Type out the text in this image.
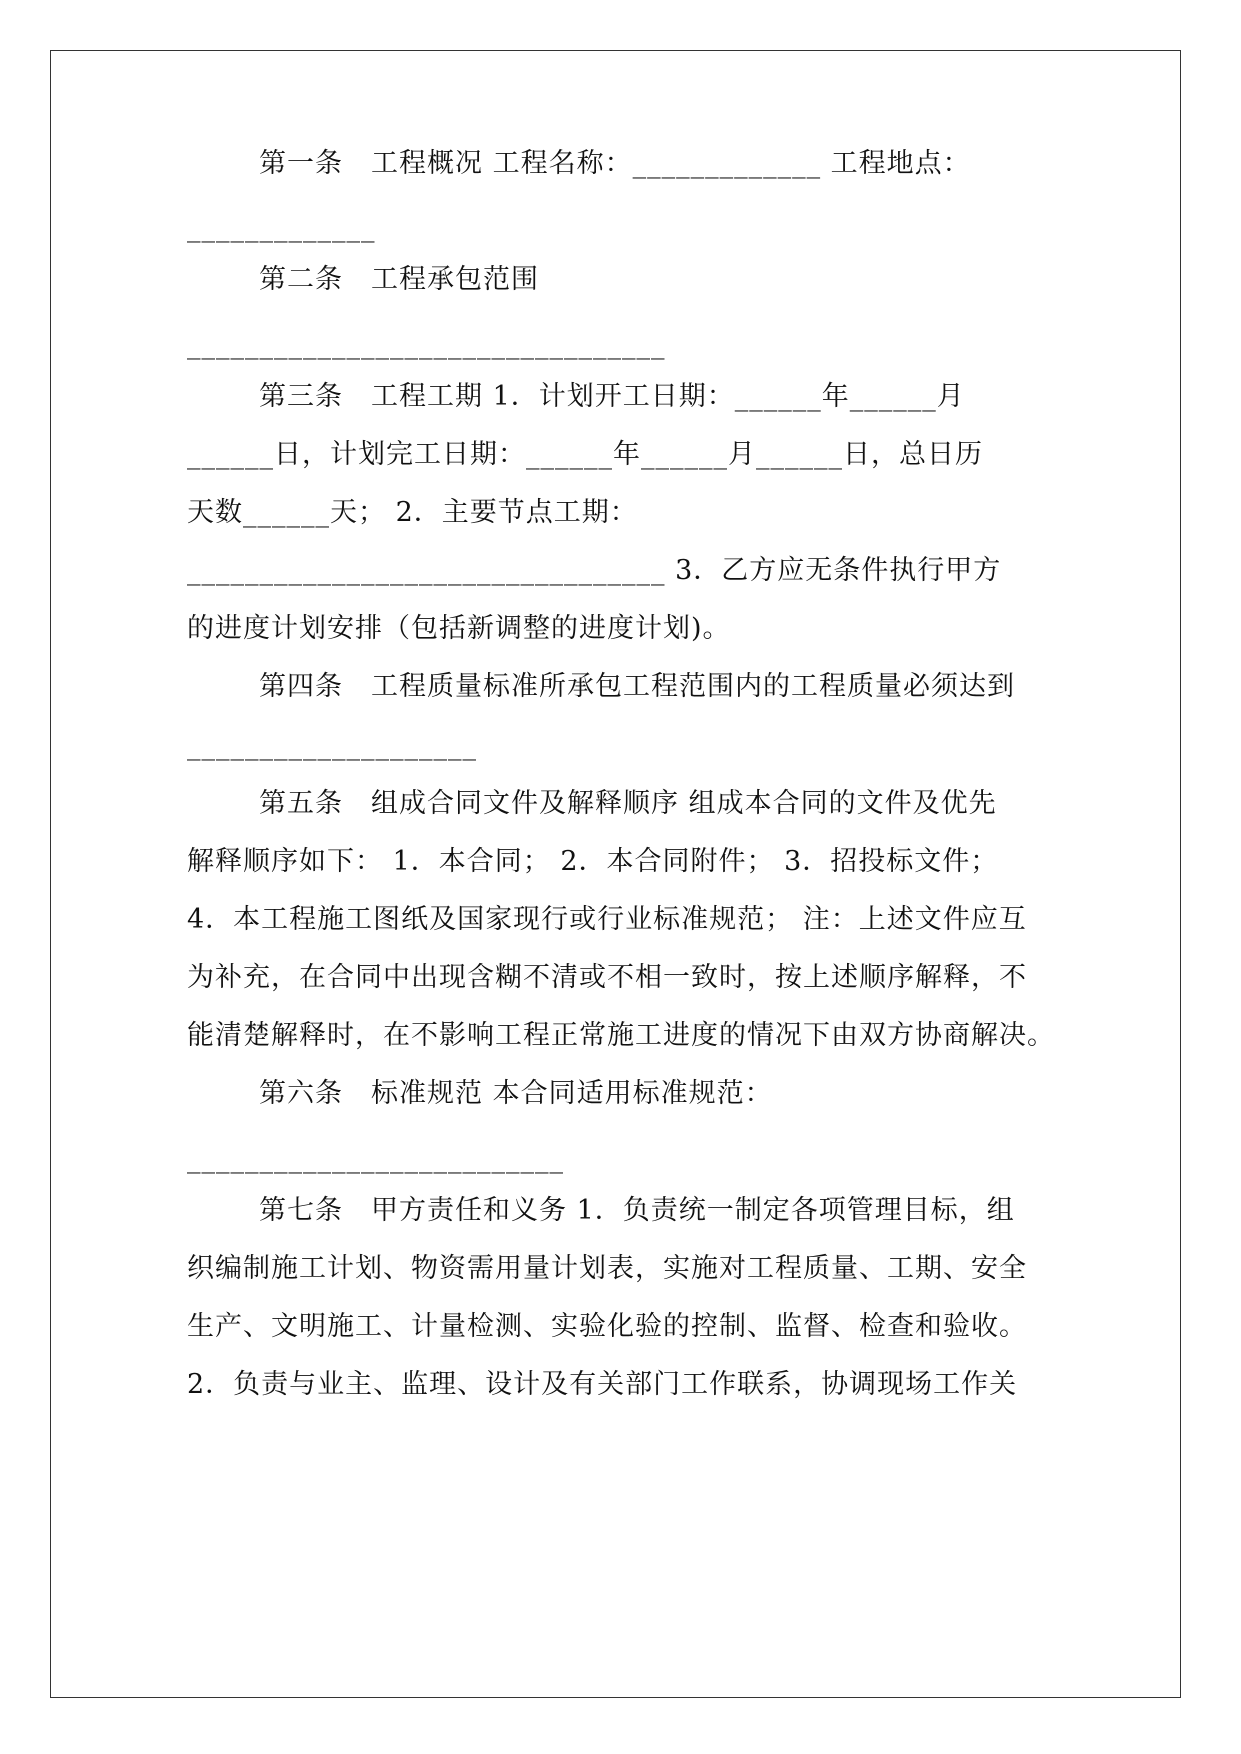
第一条　工程概况 工程名称：_____________ 工程地点：
_____________
第二条　工程承包范围
_________________________________
第三条　工程工期 1．计划开工日期：______年______月
______日，计划完工日期：______年______月______日，总日历
天数______天； 2．主要节点工期：
_________________________________ 3．乙方应无条件执行甲方
的进度计划安排（包括新调整的进度计划)。
第四条　工程质量标准所承包工程范围内的工程质量必须达到
____________________
第五条　组成合同文件及解释顺序 组成本合同的文件及优先
解释顺序如下： 1．本合同； 2．本合同附件； 3．招投标文件；
4．本工程施工图纸及国家现行或行业标准规范； 注：上述文件应互
为补充，在合同中出现含糊不清或不相一致时，按上述顺序解释，不
能清楚解释时，在不影响工程正常施工进度的情况下由双方协商解决。
第六条　标准规范 本合同适用标准规范：
__________________________
第七条　甲方责任和义务 1．负责统一制定各项管理目标，组
织编制施工计划、物资需用量计划表，实施对工程质量、工期、安全
生产、文明施工、计量检测、实验化验的控制、监督、检查和验收。
2．负责与业主、监理、设计及有关部门工作联系，协调现场工作关
